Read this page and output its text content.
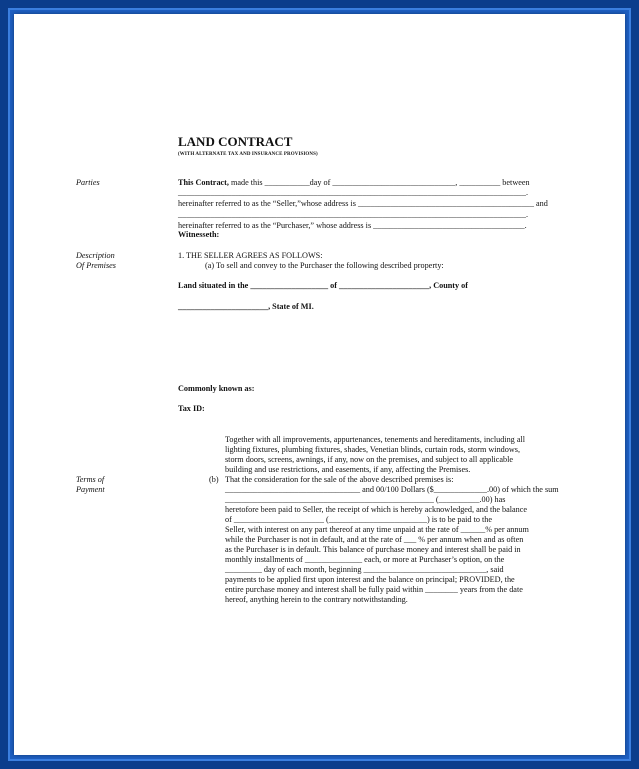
LAND CONTRACT
(WITH ALTERNATE TAX AND INSURANCE PROVISIONS)
Parties
Description
Of Premises
Terms of
Payment
This Contract, made this ___________day of ______________________________, __________ between
_____________________________________________________________________________________.
hereinafter referred to as the “Seller,”whose address is ___________________________________________ and
_____________________________________________________________________________________.
hereinafter referred to as the “Purchaser,” whose address is _____________________________________.
Witnesseth:
1. THE SELLER AGREES AS FOLLOWS:
(a) To sell and convey to the Purchaser the following described property:
Land situated in the ___________________ of ______________________, County of
______________________, State of MI.
Commonly known as:
Tax ID:
Together with all improvements, appurtenances, tenements and hereditaments, including all
lighting fixtures, plumbing fixtures, shades, Venetian blinds, curtain rods, storm windows,
storm doors, screens, awnings, if any, now on the premises, and subject to all applicable
building and use restrictions, and easements, if any, affecting the Premises.
(b) That the consideration for the sale of the above described premises is:
_________________________________ and 00/100 Dollars ($_____________.00) of which the sum
___________________________________________________ (__________.00) has
heretofore been paid to Seller, the receipt of which is hereby acknowledged, and the balance
of ______________________ (________________________) is to be paid to the
Seller, with interest on any part thereof at any time unpaid at the rate of ______% per annum
while the Purchaser is not in default, and at the rate of ___ % per annum when and as often
as the Purchaser is in default. This balance of purchase money and interest shall be paid in
monthly installments of ______________ each, or more at Purchaser’s option, on the
_________ day of each month, beginning ______________________________, said
payments to be applied first upon interest and the balance on principal; PROVIDED, the
entire purchase money and interest shall be fully paid within ________ years from the date
hereof, anything herein to the contrary notwithstanding.
